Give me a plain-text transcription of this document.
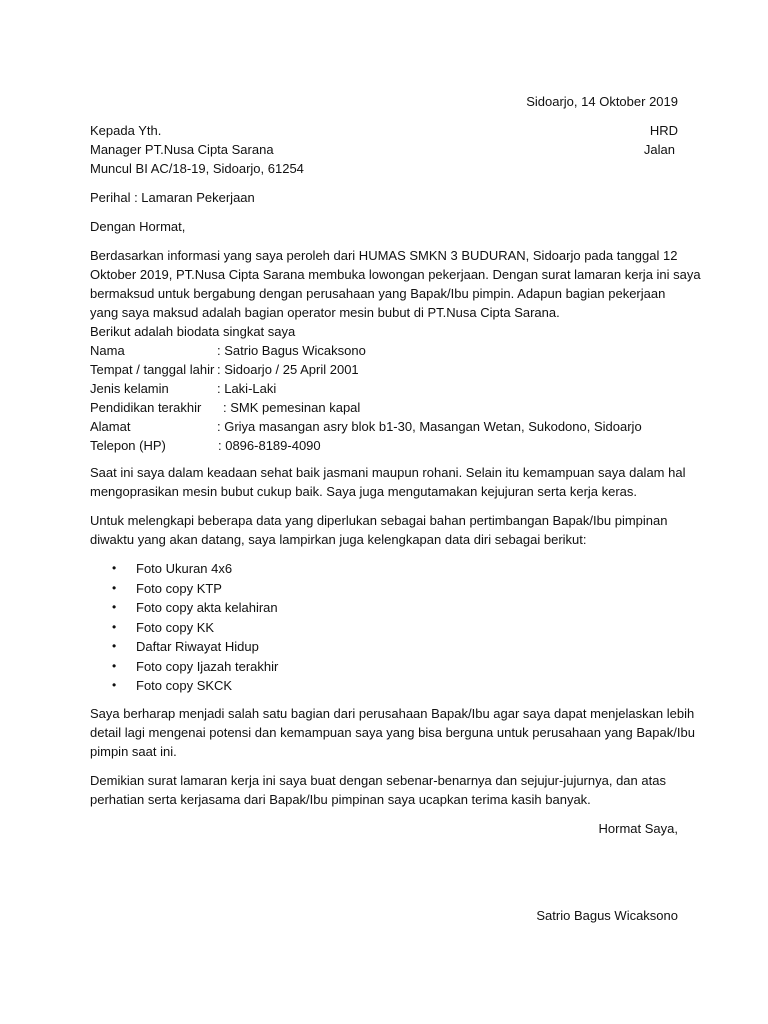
Sidoarjo, 14 Oktober 2019
Kepada Yth.	HRD
Manager PT.Nusa Cipta Sarana	Jalan
Muncul BI AC/18-19, Sidoarjo, 61254
Perihal : Lamaran Pekerjaan
Dengan Hormat,
Berdasarkan informasi yang saya peroleh dari HUMAS SMKN 3 BUDURAN, Sidoarjo pada tanggal 12
Oktober 2019, PT.Nusa Cipta Sarana membuka lowongan pekerjaan. Dengan surat lamaran kerja ini saya
bermaksud untuk bergabung dengan perusahaan yang Bapak/Ibu pimpin. Adapun bagian pekerjaan
yang saya maksud adalah bagian operator mesin bubut di PT.Nusa Cipta Sarana.
Berikut adalah biodata singkat saya
Nama	: Satrio Bagus Wicaksono
Tempat / tanggal lahir : Sidoarjo / 25 April 2001
Jenis kelamin	: Laki-Laki
Pendidikan terakhir : SMK pemesinan kapal
Alamat	: Griya masangan asry blok b1-30, Masangan Wetan, Sukodono, Sidoarjo
Telepon (HP)	: 0896-8189-4090
Saat ini saya dalam keadaan sehat baik jasmani maupun rohani. Selain itu kemampuan saya dalam hal
mengoprasikan mesin bubut cukup baik. Saya juga mengutamakan kejujuran serta kerja keras.
Untuk melengkapi beberapa data yang diperlukan sebagai bahan pertimbangan Bapak/Ibu pimpinan
diwaktu yang akan datang, saya lampirkan juga kelengkapan data diri sebagai berikut:
• Foto Ukuran 4x6
• Foto copy KTP
• Foto copy akta kelahiran
• Foto copy KK
• Daftar Riwayat Hidup
• Foto copy Ijazah terakhir
• Foto copy SKCK
Saya berharap menjadi salah satu bagian dari perusahaan Bapak/Ibu agar saya dapat menjelaskan lebih
detail lagi mengenai potensi dan kemampuan saya yang bisa berguna untuk perusahaan yang Bapak/Ibu
pimpin saat ini.
Demikian surat lamaran kerja ini saya buat dengan sebenar-benarnya dan sejujur-jujurnya, dan atas
perhatian serta kerjasama dari Bapak/Ibu pimpinan saya ucapkan terima kasih banyak.
Hormat Saya,
Satrio Bagus Wicaksono
